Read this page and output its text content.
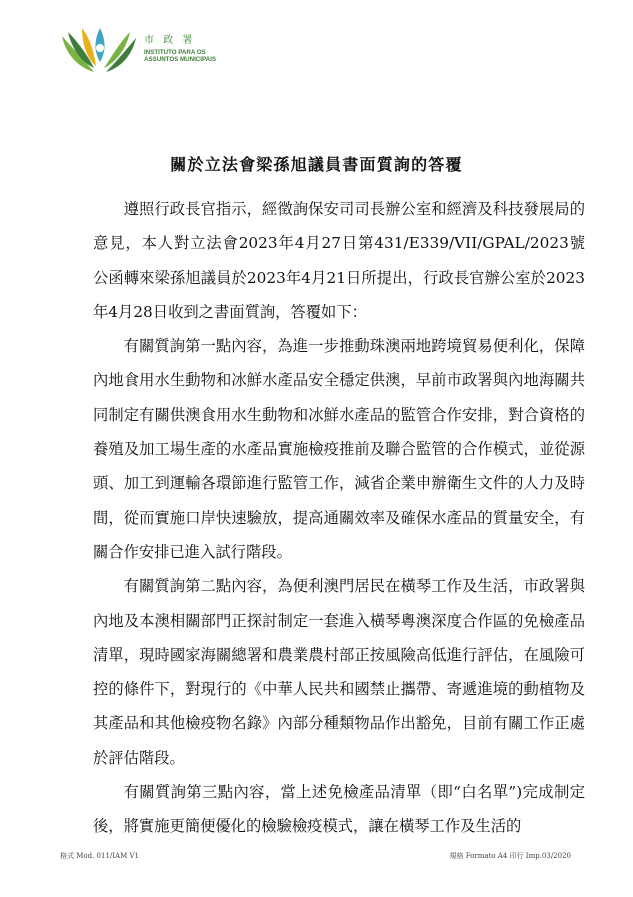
市 政 署
INSTITUTO PARA OS
ASSUNTOS MUNICIPAIS
關於立法會梁孫旭議員書面質詢的答覆

遵照行政長官指示，經徵詢保安司司長辦公室和經濟及科技發展局的意見，本人對立法會2023年4月27日第431/E339/VII/GPAL/2023號公函轉來梁孫旭議員於2023年4月21日所提出，行政長官辦公室於2023年4月28日收到之書面質詢，答覆如下：

有關質詢第一點內容，為進一步推動珠澳兩地跨境貿易便利化，保障內地食用水生動物和冰鮮水產品安全穩定供澳，早前市政署與內地海關共同制定有關供澳食用水生動物和冰鮮水產品的監管合作安排，對合資格的養殖及加工場生產的水產品實施檢疫推前及聯合監管的合作模式，並從源頭、加工到運輸各環節進行監管工作，減省企業申辦衛生文件的人力及時間，從而實施口岸快速驗放，提高通關效率及確保水產品的質量安全，有關合作安排已進入試行階段。

有關質詢第二點內容，為便利澳門居民在橫琴工作及生活，市政署與內地及本澳相關部門正探討制定一套進入橫琴粵澳深度合作區的免檢產品清單，現時國家海關總署和農業農村部正按風險高低進行評估，在風險可控的條件下，對現行的《中華人民共和國禁止攜帶、寄遞進境的動植物及其產品和其他檢疫物名錄》內部分種類物品作出豁免，目前有關工作正處於評估階段。

有關質詢第三點內容，當上述免檢產品清單（即“白名單”)完成制定後，將實施更簡便優化的檢驗檢疫模式，讓在橫琴工作及生活的

格式 Mod. 011/IAM V1	規格 Formato A4 印行 Imp.03/2020
